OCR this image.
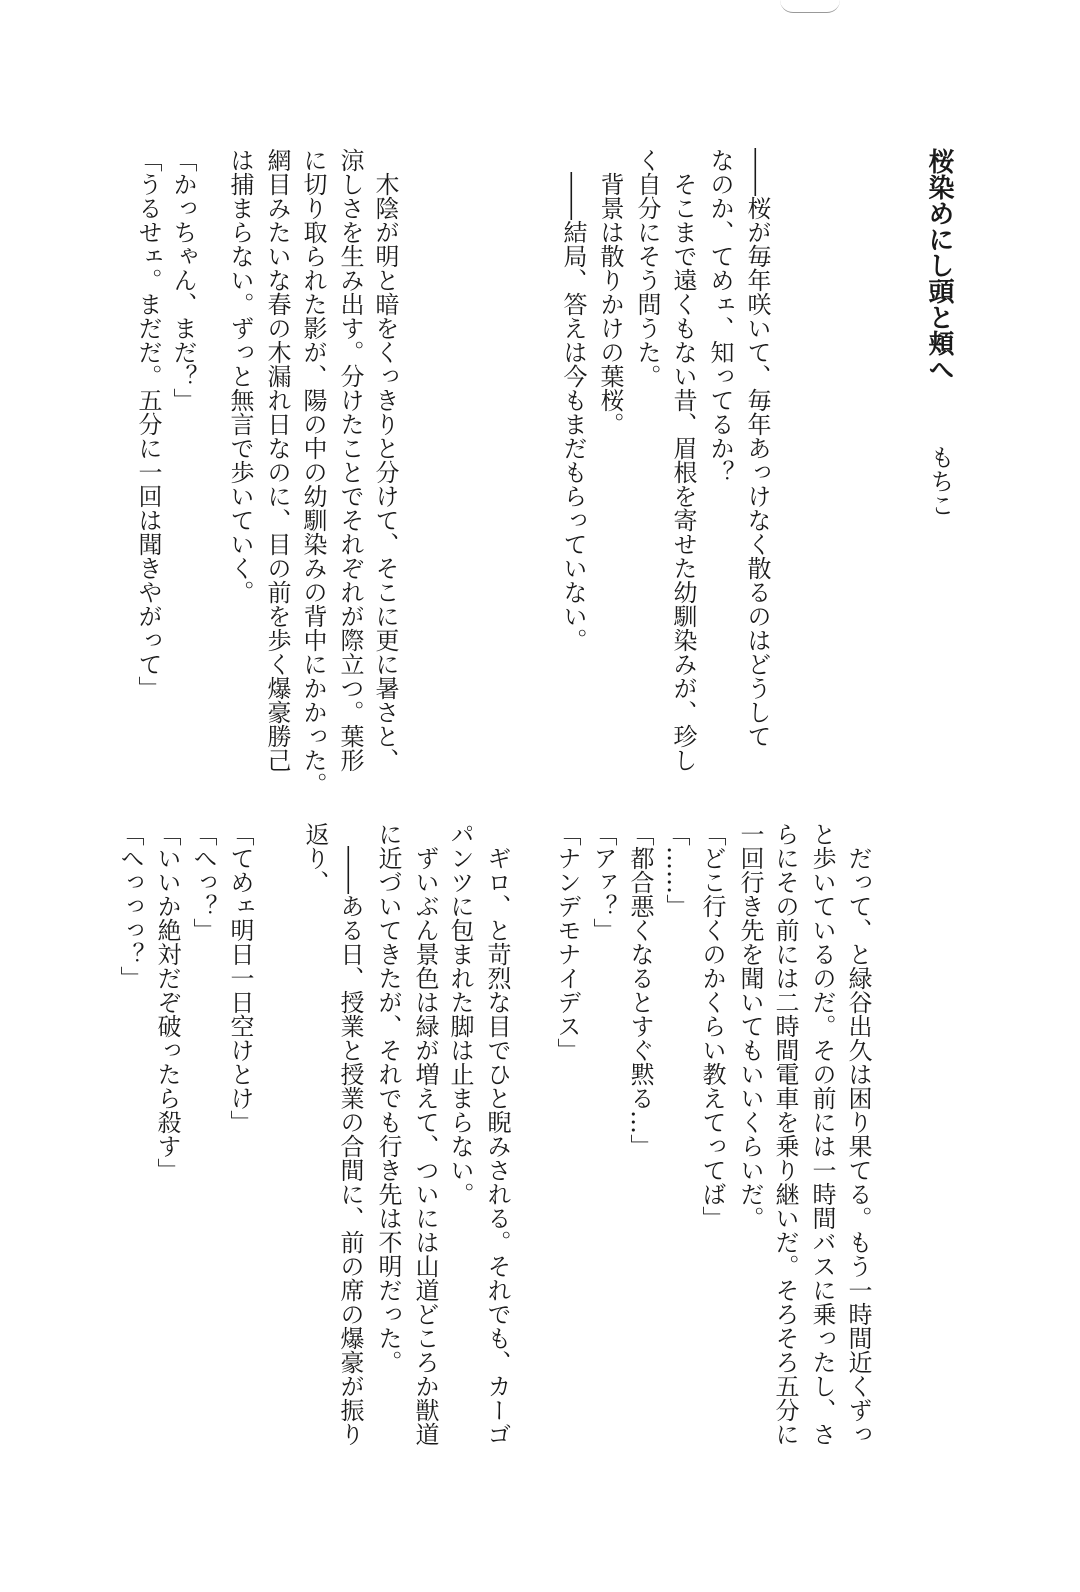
桜染めにし頭と頬へ
もちこ
――桜が毎年咲いて、毎年あっけなく散るのはどうして
なのか、てめェ、知ってるか？
　そこまで遠くもない昔、眉根を寄せた幼馴染みが、珍し
く自分にそう問うた。
　背景は散りかけの葉桜。
　――結局、答えは今もまだもらっていない。
　木陰が明と暗をくっきりと分けて、そこに更に暑さと、
涼しさを生み出す。分けたことでそれぞれが際立つ。葉形
に切り取られた影が、陽の中の幼馴染みの背中にかかった。
網目みたいな春の木漏れ日なのに、目の前を歩く爆豪勝己
は捕まらない。ずっと無言で歩いていく。
「かっちゃん、まだ？」
「うるせェ。まだだ。五分に一回は聞きやがって」
　だって、と緑谷出久は困り果てる。もう一時間近くずっ
と歩いているのだ。その前には一時間バスに乗ったし、さ
らにその前には二時間電車を乗り継いだ。そろそろ五分に
一回行き先を聞いてもいいくらいだ。
「どこ行くのかくらい教えてってば」
「……」
「都合悪くなるとすぐ黙る…」
「アァ？」
「ナンデモナイデス」
　ギロ、と苛烈な目でひと睨みされる。それでも、カーゴ
パンツに包まれた脚は止まらない。
　ずいぶん景色は緑が増えて、ついには山道どころか獣道
に近づいてきたが、それでも行き先は不明だった。
　――ある日、授業と授業の合間に、前の席の爆豪が振り
返り、
「てめェ明日一日空けとけ」
「へっ？」
「いいか絶対だぞ破ったら殺す」
「へっっっ？」
